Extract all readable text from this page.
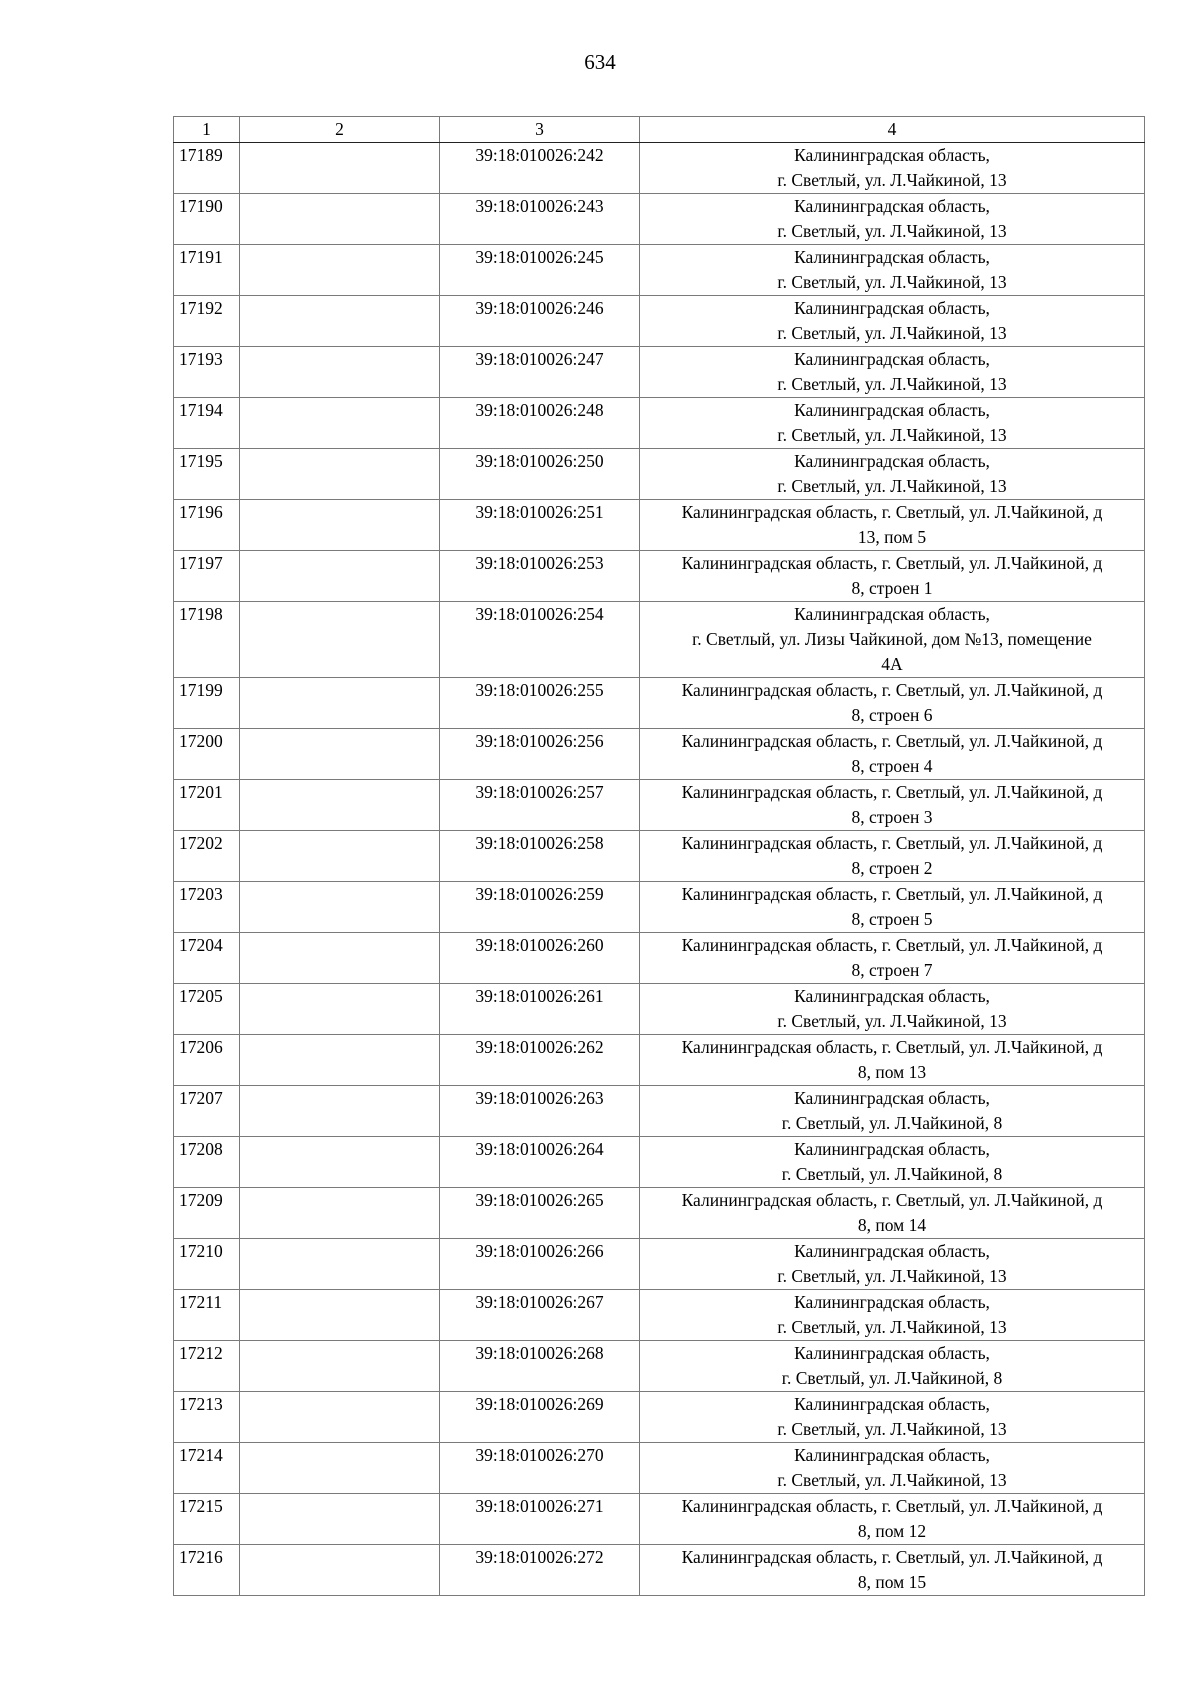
634
1	2	3	4
17189		39:18:010026:242	Калининградская область,
г. Светлый, ул. Л.Чайкиной, 13
17190		39:18:010026:243	Калининградская область,
г. Светлый, ул. Л.Чайкиной, 13
17191		39:18:010026:245	Калининградская область,
г. Светлый, ул. Л.Чайкиной, 13
17192		39:18:010026:246	Калининградская область,
г. Светлый, ул. Л.Чайкиной, 13
17193		39:18:010026:247	Калининградская область,
г. Светлый, ул. Л.Чайкиной, 13
17194		39:18:010026:248	Калининградская область,
г. Светлый, ул. Л.Чайкиной, 13
17195		39:18:010026:250	Калининградская область,
г. Светлый, ул. Л.Чайкиной, 13
17196		39:18:010026:251	Калининградская область, г. Светлый, ул. Л.Чайкиной, д
13, пом 5
17197		39:18:010026:253	Калининградская область, г. Светлый, ул. Л.Чайкиной, д
8, строен 1
17198		39:18:010026:254	Калининградская область,
г. Светлый, ул. Лизы Чайкиной, дом №13, помещение
4А
17199		39:18:010026:255	Калининградская область, г. Светлый, ул. Л.Чайкиной, д
8, строен 6
17200		39:18:010026:256	Калининградская область, г. Светлый, ул. Л.Чайкиной, д
8, строен 4
17201		39:18:010026:257	Калининградская область, г. Светлый, ул. Л.Чайкиной, д
8, строен 3
17202		39:18:010026:258	Калининградская область, г. Светлый, ул. Л.Чайкиной, д
8, строен 2
17203		39:18:010026:259	Калининградская область, г. Светлый, ул. Л.Чайкиной, д
8, строен 5
17204		39:18:010026:260	Калининградская область, г. Светлый, ул. Л.Чайкиной, д
8, строен 7
17205		39:18:010026:261	Калининградская область,
г. Светлый, ул. Л.Чайкиной, 13
17206		39:18:010026:262	Калининградская область, г. Светлый, ул. Л.Чайкиной, д
8, пом 13
17207		39:18:010026:263	Калининградская область,
г. Светлый, ул. Л.Чайкиной, 8
17208		39:18:010026:264	Калининградская область,
г. Светлый, ул. Л.Чайкиной, 8
17209		39:18:010026:265	Калининградская область, г. Светлый, ул. Л.Чайкиной, д
8, пом 14
17210		39:18:010026:266	Калининградская область,
г. Светлый, ул. Л.Чайкиной, 13
17211		39:18:010026:267	Калининградская область,
г. Светлый, ул. Л.Чайкиной, 13
17212		39:18:010026:268	Калининградская область,
г. Светлый, ул. Л.Чайкиной, 8
17213		39:18:010026:269	Калининградская область,
г. Светлый, ул. Л.Чайкиной, 13
17214		39:18:010026:270	Калининградская область,
г. Светлый, ул. Л.Чайкиной, 13
17215		39:18:010026:271	Калининградская область, г. Светлый, ул. Л.Чайкиной, д
8, пом 12
17216		39:18:010026:272	Калининградская область, г. Светлый, ул. Л.Чайкиной, д
8, пом 15
